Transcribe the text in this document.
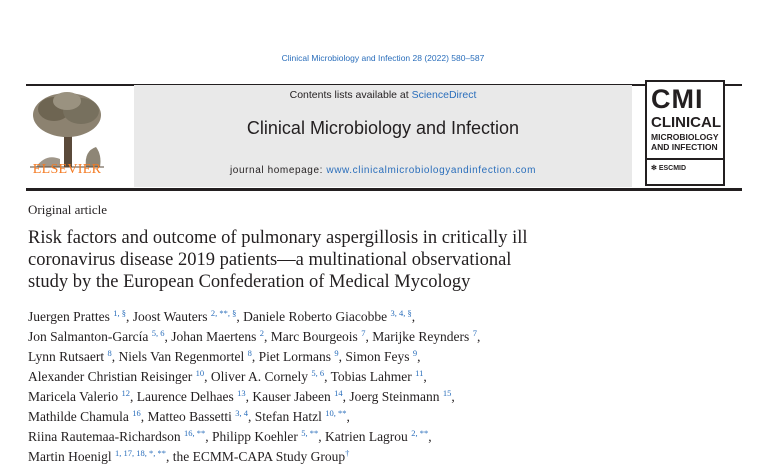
Clinical Microbiology and Infection 28 (2022) 580–587
ELSEVIER
Contents lists available at ScienceDirect
Clinical Microbiology and Infection
journal homepage: www.clinicalmicrobiologyandinfection.com
CMI
CLINICAL
MICROBIOLOGY
AND INFECTION
✻ ESCMID
Original article
Risk factors and outcome of pulmonary aspergillosis in critically ill
coronavirus disease 2019 patients—a multinational observational
study by the European Confederation of Medical Mycology
Juergen Prattes $^{1, \S}$, Joost Wauters $^{2, **, \S}$, Daniele Roberto Giacobbe $^{3, 4, \S}$,
Jon Salmanton-García $^{5, 6}$, Johan Maertens $^2$, Marc Bourgeois $^7$, Marijke Reynders $^7$,
Lynn Rutsaert $^8$, Niels Van Regenmortel $^8$, Piet Lormans $^9$, Simon Feys $^9$,
Alexander Christian Reisinger $^{10}$, Oliver A. Cornely $^{5, 6}$, Tobias Lahmer $^{11}$,
Maricela Valerio $^{12}$, Laurence Delhaes $^{13}$, Kauser Jabeen $^{14}$, Joerg Steinmann $^{15}$,
Mathilde Chamula $^{16}$, Matteo Bassetti $^{3, 4}$, Stefan Hatzl $^{10, **}$,
Riina Rautemaa-Richardson $^{16, **}$, Philipp Koehler $^{5, **}$, Katrien Lagrou $^{2, **}$,
Martin Hoenigl $^{1, 17, 18, *, **}$, the ECMM-CAPA Study Group†
